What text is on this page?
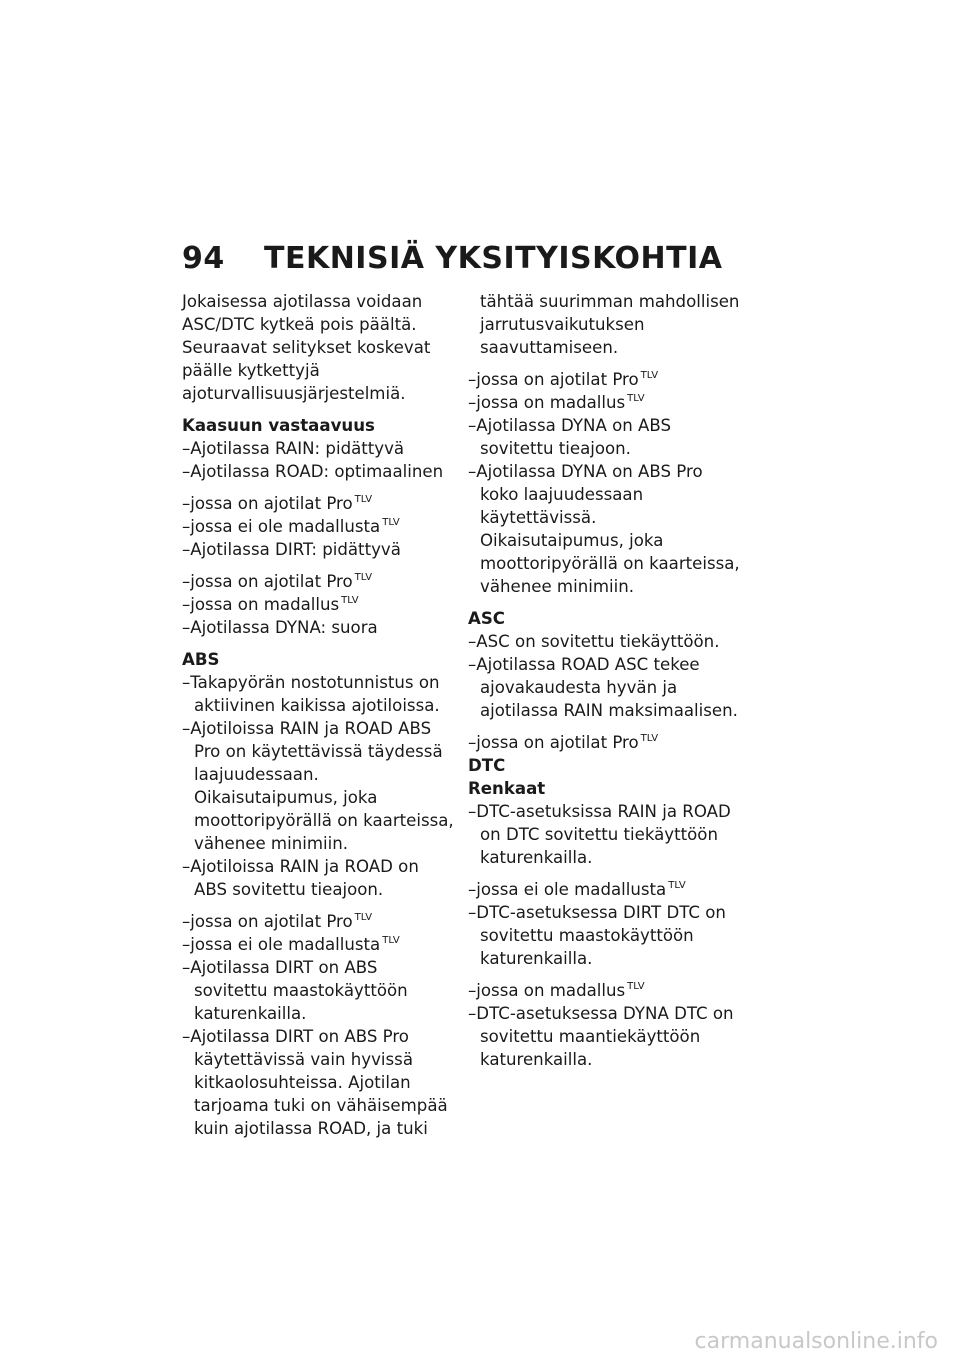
94 TEKNISIÄ YKSITYISKOHTIA

Jokaisessa ajotilassa voidaan ASC/DTC kytkeä pois päältä. Seuraavat selitykset koskevat päälle kytkettyjä ajoturvallisuusjärjestelmiä.

Kaasuun vastaavuus

–Ajotilassa RAIN: pidättyvä

–Ajotilassa ROAD: optimaalinen

–jossa on ajotilat Pro $^{TLV}$

–jossa ei ole madallusta $^{TLV}$

–Ajotilassa DIRT: pidättyvä

–jossa on ajotilat Pro $^{TLV}$

–jossa on madallus $^{TLV}$

–Ajotilassa DYNA: suora

ABS

–Takapyörän nostotunnistus on aktiivinen kaikissa ajotiloissa.

–Ajotiloissa RAIN ja ROAD ABS Pro on käytettävissä täydessä laajuudessaan. Oikaisutaipumus, joka moottoripyörällä on kaarteissa, vähenee minimiin.

–Ajotiloissa RAIN ja ROAD on ABS sovitettu tieajoon.

–jossa on ajotilat Pro $^{TLV}$

–jossa ei ole madallusta $^{TLV}$

–Ajotilassa DIRT on ABS sovitettu maastokäyttöön katurenkailla.

–Ajotilassa DIRT on ABS Pro käytettävissä vain hyvissä kitkaolosuhteissa. Ajotilan tarjoama tuki on vähäisempää kuin ajotilassa ROAD, ja tuki

tähtää suurimman mahdollisen jarrutusvaikutuksen saavuttamiseen.

–jossa on ajotilat Pro $^{TLV}$

–jossa on madallus $^{TLV}$

–Ajotilassa DYNA on ABS sovitettu tieajoon.

–Ajotilassa DYNA on ABS Pro koko laajuudessaan käytettävissä. Oikaisutaipumus, joka moottoripyörällä on kaarteissa, vähenee minimiin.

ASC

–ASC on sovitettu tiekäyttöön.

–Ajotilassa ROAD ASC tekee ajovakaudesta hyvän ja ajotilassa RAIN maksimaalisen.

–jossa on ajotilat Pro $^{TLV}$

DTC

Renkaat

–DTC-asetuksissa RAIN ja ROAD on DTC sovitettu tiekäyttöön katurenkailla.

–jossa ei ole madallusta $^{TLV}$

–DTC-asetuksessa DIRT DTC on sovitettu maastokäyttöön katurenkailla.

–jossa on madallus $^{TLV}$

–DTC-asetuksessa DYNA DTC on sovitettu maantiekäyttöön katurenkailla.

carmanualsonline.info
